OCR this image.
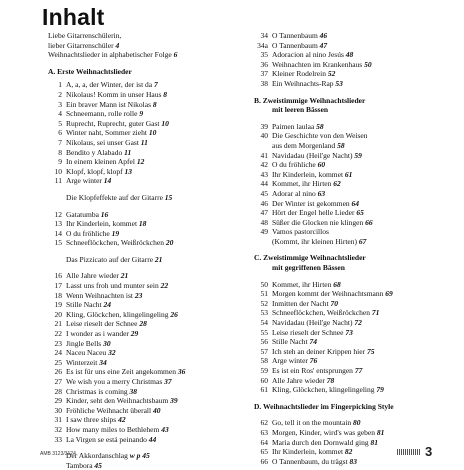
Inhalt
Liebe Gitarrenschülerin,
lieber Gitarrenschüler 4
Weihnachtslieder in alphabetischer Folge 6
A. Erste Weihnachtslieder
1 A, a, a, der Winter, der ist da 7
2 Nikolaus! Komm in unser Haus 8
3 Ein braver Mann ist Nikolas 8
4 Schneemann, rolle rolle 9
5 Ruprecht, Ruprecht, guter Gast 10
6 Winter naht, Sommer zieht 10
7 Nikolaus, sei unser Gast 11
8 Bendito y Alabado 11
9 In einem kleinen Apfel 12
10 Klopf, klopf, klopf 13
11 Arge winter 14
Die Klopfeffekte auf der Gitarre 15
12 Gatatumba 16
13 Ihr Kinderlein, kommet 18
14 O du fröhliche 19
15 Schneeflöckchen, Weißröckchen 20
Das Pizzicato auf der Gitarre 21
16 Alle Jahre wieder 21
17 Lasst uns froh und munter sein 22
18 Wenn Weihnachten ist 23
19 Stille Nacht 24
20 Kling, Glöckchen, klingelingeling 26
21 Leise rieselt der Schnee 28
22 I wonder as i wander 29
23 Jingle Bells 30
24 Naceu Naceu 32
25 Winterzeit 34
26 Es ist für uns eine Zeit angekommen 36
27 We wish you a merry Christmas 37
28 Christmas is coming 38
29 Kinder, seht den Weihnachtsbaum 39
30 Fröhliche Weihnacht überall 40
31 I saw three ships 42
32 How many miles to Bethlehem 43
33 La Virgen se está peinando 44
Der Akkordanschlag w p 45
Tambora 45
34 O Tannenbaum 46
34a O Tannenbaum 47
35 Adoracion al nino Jesús 48
36 Weihnachten im Krankenhaus 50
37 Kleiner Rodelrein 52
38 Ein Weihnachts-Rap 53
B. Zweistimmige Weihnachtslieder
mit leeren Bässen
39 Paimen laulaa 58
40 Die Geschichte von den Weisen
aus dem Morgenland 58
41 Navidadau (Heil'ge Nacht) 59
42 O du fröhliche 60
43 Ihr Kinderlein, kommet 61
44 Kommet, ihr Hirten 62
45 Adorar al nino 63
46 Der Winter ist gekommen 64
47 Hört der Engel helle Lieder 65
48 Süßer die Glocken nie klingen 66
49 Vamos pastorcillos
(Kommt, ihr kleinen Hirten) 67
C. Zweistimmige Weihnachtslieder
mit gegriffenen Bässen
50 Kommet, ihr Hirten 68
51 Morgen kommt der Weihnachtsmann 69
52 Inmitten der Nacht 70
53 Schneeflöckchen, Weißröckchen 71
54 Navidadau (Heil'ge Nacht) 72
55 Leise rieselt der Schnee 73
56 Stille Nacht 74
57 Ich steh an deiner Krippen hier 75
58 Arge winter 76
59 Es ist ein Ros' entsprungen 77
60 Alle Jahre wieder 78
61 Kling, Glöckchen, klingelingeling 79
D. Weihnachtslieder im Fingerpicking Style
62 Go, tell it on the mountain 80
63 Morgen, Kinder, wird's was geben 81
64 Maria durch den Dornwald ging 81
65 Ihr Kinderlein, kommet 82
66 O Tannenbaum, du trägst 83
AMB 3123/3124	3
